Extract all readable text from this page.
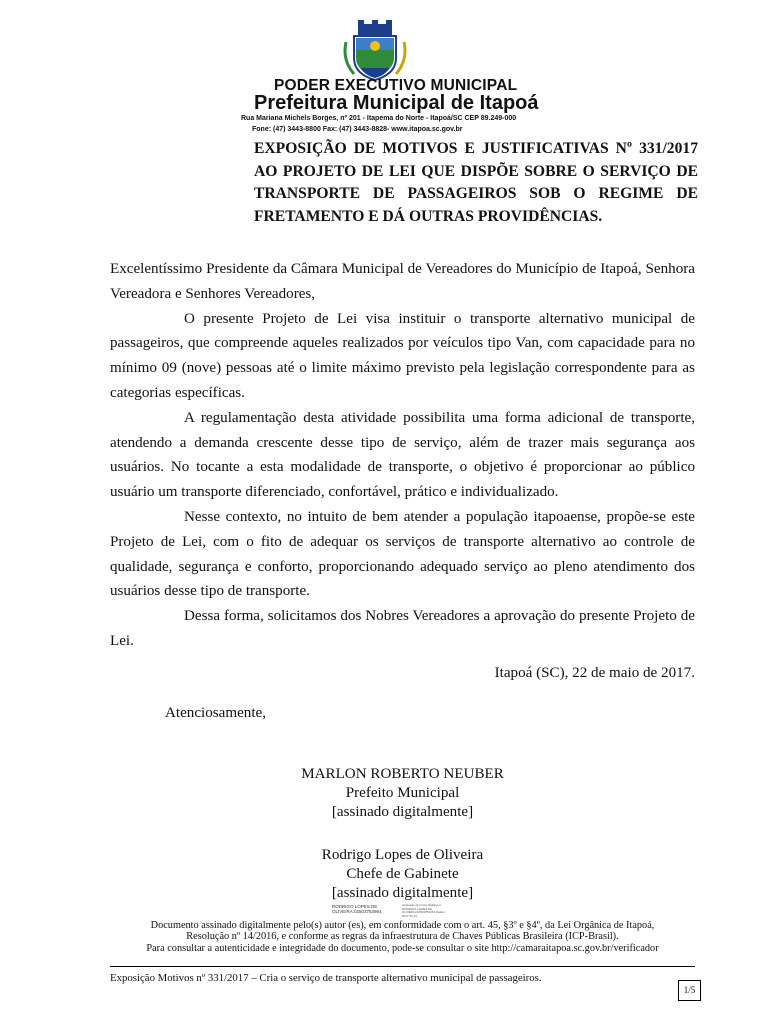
PODER EXECUTIVO MUNICIPAL
Prefeitura Municipal de Itapoá
Rua Mariana Michels Borges, nº 201 - Itapema do Norte - Itapoá/SC CEP 89.249-000
Fone: (47) 3443-8800 Fax: (47) 3443-8828- www.itapoa.sc.gov.br

EXPOSIÇÃO DE MOTIVOS E JUSTIFICATIVAS Nº 331/2017 AO PROJETO DE LEI QUE DISPÕE SOBRE O SERVIÇO DE TRANSPORTE DE PASSAGEIROS SOB O REGIME DE FRETAMENTO E DÁ OUTRAS PROVIDÊNCIAS.

Excelentíssimo Presidente da Câmara Municipal de Vereadores do Município de Itapoá, Senhora Vereadora e Senhores Vereadores,

O presente Projeto de Lei visa instituir o transporte alternativo municipal de passageiros, que compreende aqueles realizados por veículos tipo Van, com capacidade para no mínimo 09 (nove) pessoas até o limite máximo previsto pela legislação correspondente para as categorias específicas.

A regulamentação desta atividade possibilita uma forma adicional de transporte, atendendo a demanda crescente desse tipo de serviço, além de trazer mais segurança aos usuários. No tocante a esta modalidade de transporte, o objetivo é proporcionar ao público usuário um transporte diferenciado, confortável, prático e individualizado.

Nesse contexto, no intuito de bem atender a população itapoaense, propõe-se este Projeto de Lei, com o fito de adequar os serviços de transporte alternativo ao controle de qualidade, segurança e conforto, proporcionando adequado serviço ao pleno atendimento dos usuários desse tipo de transporte.

Dessa forma, solicitamos dos Nobres Vereadores a aprovação do presente Projeto de Lei.

Itapoá (SC), 22 de maio de 2017.
Atenciosamente,
MARLON ROBERTO NEUBER
Prefeito Municipal
[assinado digitalmente]
Rodrigo Lopes de Oliveira
Chefe de Gabinete
[assinado digitalmente]
RODRIGO LOPES DE
OLIVEIRA:02503753964
Assinado de forma digital por RODRIGO LOPES DE OLIVEIRA:02503753964 Dados: 2017.05.22
Documento assinado digitalmente pelo(s) autor (es), em conformidade com o art. 45, §3º e §4º, da Lei Orgânica de Itapoá,
Resolução nº 14/2016, e conforme as regras da infraestrutura de Chaves Públicas Brasileira (ICP-Brasil).
Para consultar a autenticidade e integridade do documento, pode-se consultar o site http://camaraitapoa.sc.gov.br/verificador
Exposição Motivos nº 331/2017 – Cria o serviço de transporte alternativo municipal de passageiros.
1/5
